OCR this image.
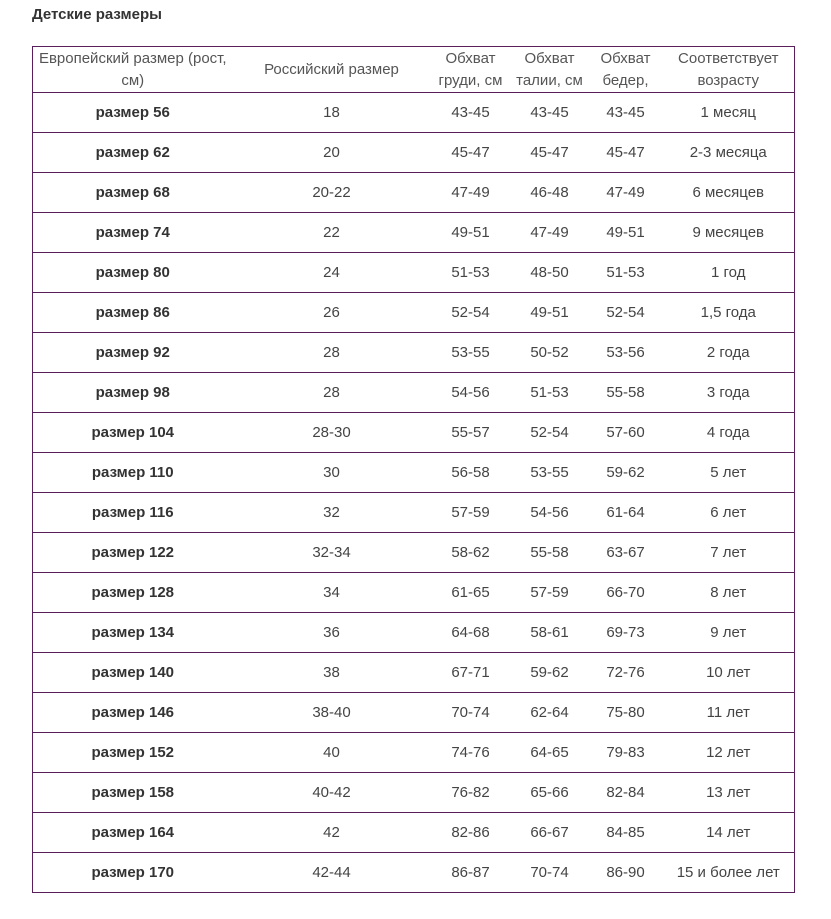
Детские размеры
Европейский размер (рост, см)	Российский размер	Обхват груди, см	Обхват талии, см	Обхват бедер,	Соответствует возрасту
размер 56	18	43-45	43-45	43-45	1 месяц
размер 62	20	45-47	45-47	45-47	2-3 месяца
размер 68	20-22	47-49	46-48	47-49	6 месяцев
размер 74	22	49-51	47-49	49-51	9 месяцев
размер 80	24	51-53	48-50	51-53	1 год
размер 86	26	52-54	49-51	52-54	1,5 года
размер 92	28	53-55	50-52	53-56	2 года
размер 98	28	54-56	51-53	55-58	3 года
размер 104	28-30	55-57	52-54	57-60	4 года
размер 110	30	56-58	53-55	59-62	5 лет
размер 116	32	57-59	54-56	61-64	6 лет
размер 122	32-34	58-62	55-58	63-67	7 лет
размер 128	34	61-65	57-59	66-70	8 лет
размер 134	36	64-68	58-61	69-73	9 лет
размер 140	38	67-71	59-62	72-76	10 лет
размер 146	38-40	70-74	62-64	75-80	11 лет
размер 152	40	74-76	64-65	79-83	12 лет
размер 158	40-42	76-82	65-66	82-84	13 лет
размер 164	42	82-86	66-67	84-85	14 лет
размер 170	42-44	86-87	70-74	86-90	15 и более лет
